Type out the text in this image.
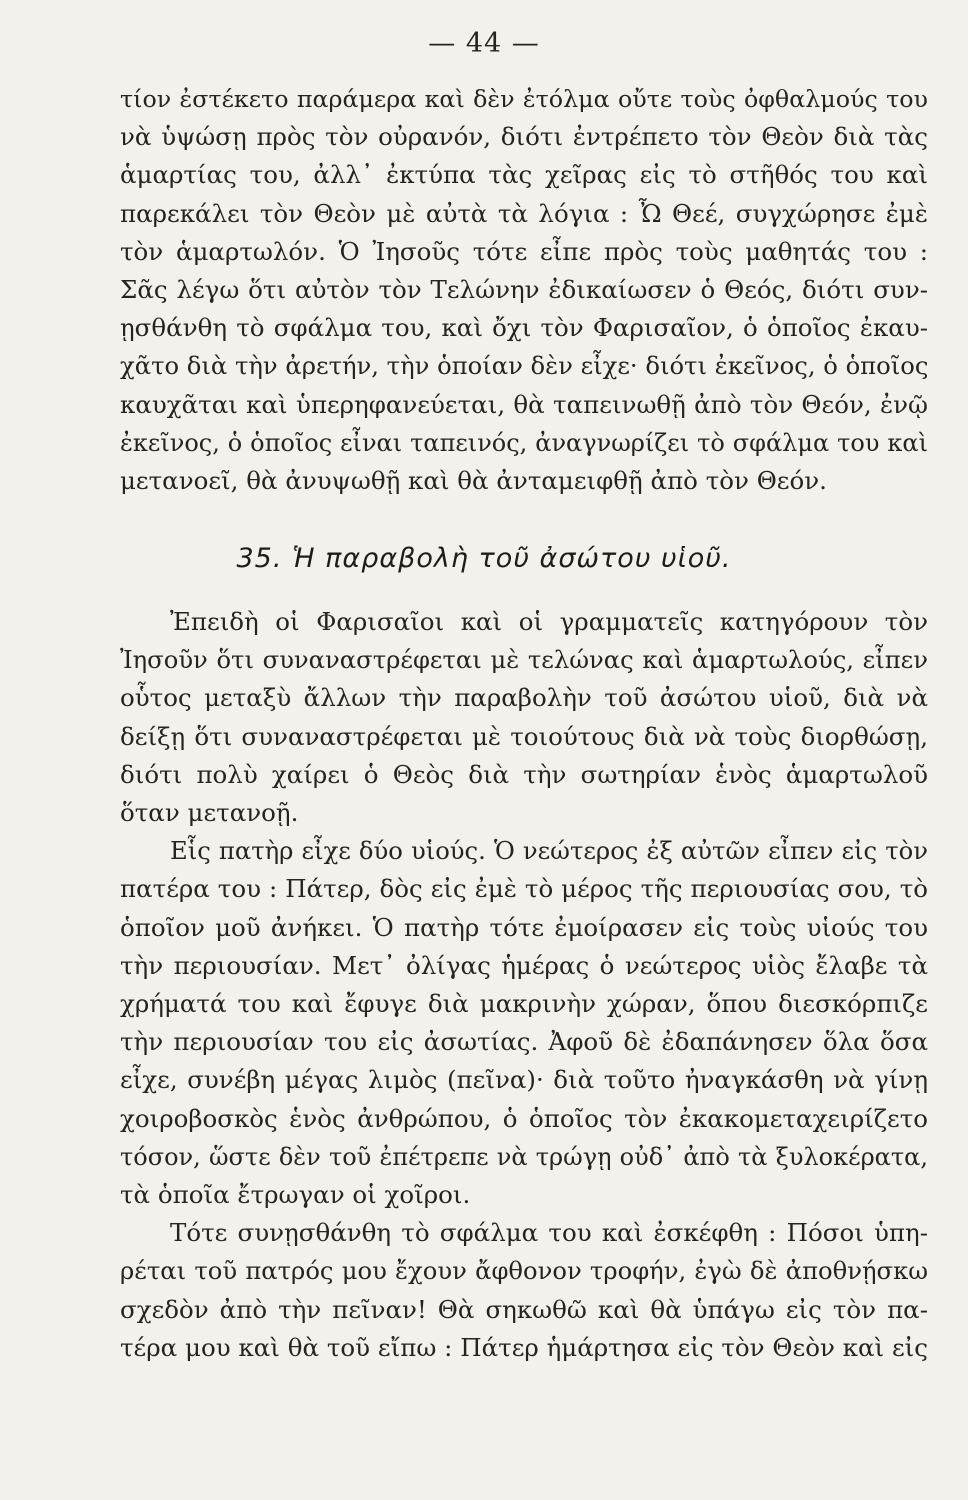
— 44 —
τίον ἐστέκετο παράμερα καὶ δὲν ἐτόλμα οὔτε τοὺς ὀφθαλμούς του
νὰ ὑψώσῃ πρὸς τὸν οὐρανόν, διότι ἐντρέπετο τὸν Θεὸν διὰ τὰς
ἁμαρτίας του, ἀλλ᾿ ἐκτύπα τὰς χεῖρας εἰς τὸ στῆθός του καὶ
παρεκάλει τὸν Θεὸν μὲ αὐτὰ τὰ λόγια : Ὦ Θεέ, συγχώρησε ἐμὲ
τὸν ἁμαρτωλόν. Ὁ Ἰησοῦς τότε εἶπε πρὸς τοὺς μαθητάς του :
Σᾶς λέγω ὅτι αὐτὸν τὸν Τελώνην ἐδικαίωσεν ὁ Θεός, διότι συν-
ῃσθάνθη τὸ σφάλμα του, καὶ ὄχι τὸν Φαρισαῖον, ὁ ὁποῖος ἐκαυ-
χᾶτο διὰ τὴν ἀρετήν, τὴν ὁποίαν δὲν εἶχε· διότι ἐκεῖνος, ὁ ὁποῖος
καυχᾶται καὶ ὑπερηφανεύεται, θὰ ταπεινωθῇ ἀπὸ τὸν Θεόν, ἐνῷ
ἐκεῖνος, ὁ ὁποῖος εἶναι ταπεινός, ἀναγνωρίζει τὸ σφάλμα του καὶ
μετανοεῖ, θὰ ἀνυψωθῇ καὶ θὰ ἀνταμειφθῇ ἀπὸ τὸν Θεόν.
35. Ἡ παραβολὴ τοῦ ἀσώτου υἱοῦ.
Ἐπειδὴ οἱ Φαρισαῖοι καὶ οἱ γραμματεῖς κατηγόρουν τὸν
Ἰησοῦν ὅτι συναναστρέφεται μὲ τελώνας καὶ ἁμαρτωλούς, εἶπεν
οὗτος μεταξὺ ἄλλων τὴν παραβολὴν τοῦ ἀσώτου υἱοῦ, διὰ νὰ
δείξῃ ὅτι συναναστρέφεται μὲ τοιούτους διὰ νὰ τοὺς διορθώσῃ,
διότι πολὺ χαίρει ὁ Θεὸς διὰ τὴν σωτηρίαν ἑνὸς ἁμαρτωλοῦ
ὅταν μετανοῇ.
Εἷς πατὴρ εἶχε δύο υἱούς. Ὁ νεώτερος ἐξ αὐτῶν εἶπεν εἰς τὸν
πατέρα του : Πάτερ, δὸς εἰς ἐμὲ τὸ μέρος τῆς περιουσίας σου, τὸ
ὁποῖον μοῦ ἀνήκει. Ὁ πατὴρ τότε ἐμοίρασεν εἰς τοὺς υἱούς του
τὴν περιουσίαν. Μετ᾿ ὀλίγας ἡμέρας ὁ νεώτερος υἱὸς ἔλαβε τὰ
χρήματά του καὶ ἔφυγε διὰ μακρινὴν χώραν, ὅπου διεσκόρπιζε
τὴν περιουσίαν του εἰς ἀσωτίας. Ἀφοῦ δὲ ἐδαπάνησεν ὅλα ὅσα
εἶχε, συνέβη μέγας λιμὸς (πεῖνα)· διὰ τοῦτο ἠναγκάσθη νὰ γίνῃ
χοιροβοσκὸς ἑνὸς ἀνθρώπου, ὁ ὁποῖος τὸν ἐκακομεταχειρίζετο
τόσον, ὥστε δὲν τοῦ ἐπέτρεπε νὰ τρώγῃ οὐδ᾿ ἀπὸ τὰ ξυλοκέρατα,
τὰ ὁποῖα ἔτρωγαν οἱ χοῖροι.
Τότε συνῃσθάνθη τὸ σφάλμα του καὶ ἐσκέφθη : Πόσοι ὑπη-
ρέται τοῦ πατρός μου ἔχουν ἄφθονον τροφήν, ἐγὼ δὲ ἀποθνῄσκω
σχεδὸν ἀπὸ τὴν πεῖναν! Θὰ σηκωθῶ καὶ θὰ ὑπάγω εἰς τὸν πα-
τέρα μου καὶ θὰ τοῦ εἴπω : Πάτερ ἡμάρτησα εἰς τὸν Θεὸν καὶ εἰς
